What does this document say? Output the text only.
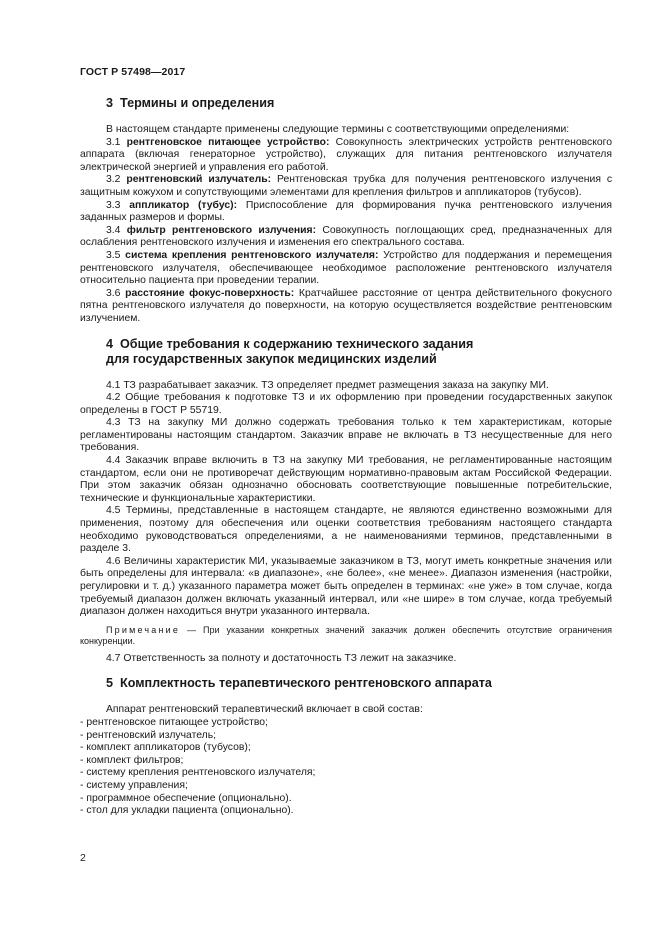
ГОСТ Р 57498—2017
3 Термины и определения

В настоящем стандарте применены следующие термины с соответствующими определениями:

3.1 рентгеновское питающее устройство: Совокупность электрических устройств рентгеновского аппарата (включая генераторное устройство), служащих для питания рентгеновского излучателя электрической энергией и управления его работой.

3.2 рентгеновский излучатель: Рентгеновская трубка для получения рентгеновского излучения с защитным кожухом и сопутствующими элементами для крепления фильтров и аппликаторов (тубусов).

3.3 аппликатор (тубус): Приспособление для формирования пучка рентгеновского излучения заданных размеров и формы.

3.4 фильтр рентгеновского излучения: Совокупность поглощающих сред, предназначенных для ослабления рентгеновского излучения и изменения его спектрального состава.

3.5 система крепления рентгеновского излучателя: Устройство для поддержания и перемещения рентгеновского излучателя, обеспечивающее необходимое расположение рентгеновского излучателя относительно пациента при проведении терапии.

3.6 расстояние фокус-поверхность: Кратчайшее расстояние от центра действительного фокусного пятна рентгеновского излучателя до поверхности, на которую осуществляется воздействие рентгеновским излучением.

4 Общие требования к содержанию технического задания
для государственных закупок медицинских изделий

4.1 ТЗ разрабатывает заказчик. ТЗ определяет предмет размещения заказа на закупку МИ.

4.2 Общие требования к подготовке ТЗ и их оформлению при проведении государственных закупок определены в ГОСТ Р 55719.

4.3 ТЗ на закупку МИ должно содержать требования только к тем характеристикам, которые регламентированы настоящим стандартом. Заказчик вправе не включать в ТЗ несущественные для него требования.

4.4 Заказчик вправе включить в ТЗ на закупку МИ требования, не регламентированные настоящим стандартом, если они не противоречат действующим нормативно-правовым актам Российской Федерации. При этом заказчик обязан однозначно обосновать соответствующие повышенные потребительские, технические и функциональные характеристики.

4.5 Термины, представленные в настоящем стандарте, не являются единственно возможными для применения, поэтому для обеспечения или оценки соответствия требованиям настоящего стандарта необходимо руководствоваться определениями, а не наименованиями терминов, представленными в разделе 3.

4.6 Величины характеристик МИ, указываемые заказчиком в ТЗ, могут иметь конкретные значения или быть определены для интервала: «в диапазоне», «не более», «не менее». Диапазон изменения (настройки, регулировки и т. д.) указанного параметра может быть определен в терминах: «не уже» в том случае, когда требуемый диапазон должен включать указанный интервал, или «не шире» в том случае, когда требуемый диапазон должен находиться внутри указанного интервала.

Примечание — При указании конкретных значений заказчик должен обеспечить отсутствие ограничения конкуренции.

4.7 Ответственность за полноту и достаточность ТЗ лежит на заказчике.

5 Комплектность терапевтического рентгеновского аппарата

Аппарат рентгеновский терапевтический включает в свой состав:

- рентгеновское питающее устройство;
- рентгеновский излучатель;
- комплект аппликаторов (тубусов);
- комплект фильтров;
- систему крепления рентгеновского излучателя;
- систему управления;
- программное обеспечение (опционально).
- стол для укладки пациента (опционально).
2
